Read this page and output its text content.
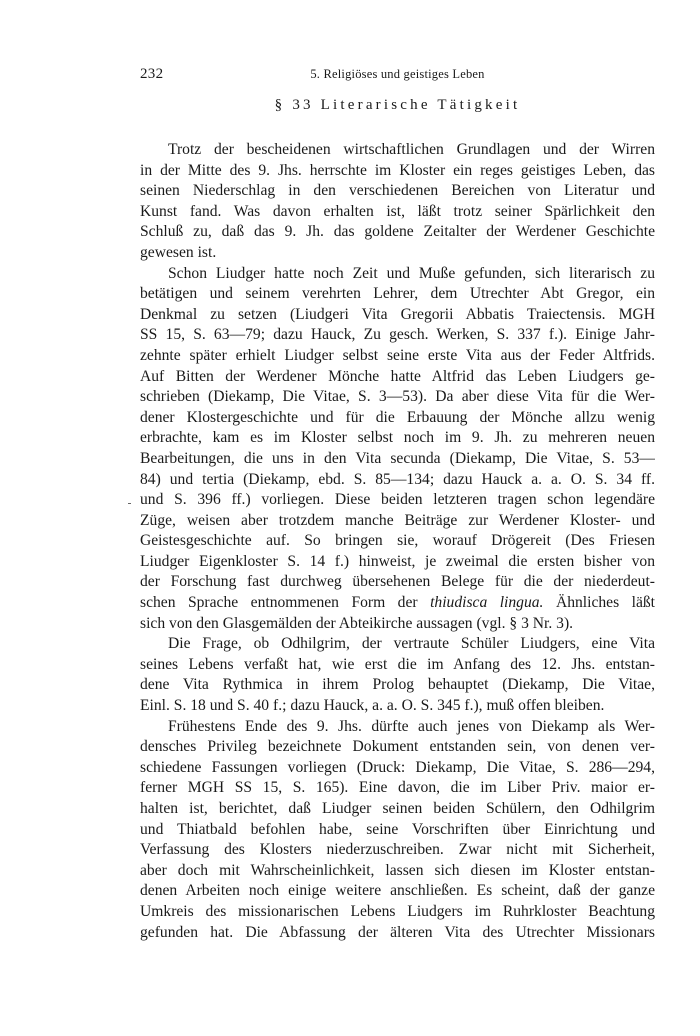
232	5. Religiöses und geistiges Leben
§ 33 Literarische Tätigkeit
Trotz der bescheidenen wirtschaftlichen Grundlagen und der Wirren
in der Mitte des 9. Jhs. herrschte im Kloster ein reges geistiges Leben, das
seinen Niederschlag in den verschiedenen Bereichen von Literatur und
Kunst fand. Was davon erhalten ist, läßt trotz seiner Spärlichkeit den
Schluß zu, daß das 9. Jh. das goldene Zeitalter der Werdener Geschichte
gewesen ist.
Schon Liudger hatte noch Zeit und Muße gefunden, sich literarisch zu
betätigen und seinem verehrten Lehrer, dem Utrechter Abt Gregor, ein
Denkmal zu setzen (Liudgeri Vita Gregorii Abbatis Traiectensis. MGH
SS 15, S. 63—79; dazu Hauck, Zu gesch. Werken, S. 337 f.). Einige Jahr-
zehnte später erhielt Liudger selbst seine erste Vita aus der Feder Altfrids.
Auf Bitten der Werdener Mönche hatte Altfrid das Leben Liudgers ge-
schrieben (Diekamp, Die Vitae, S. 3—53). Da aber diese Vita für die Wer-
dener Klostergeschichte und für die Erbauung der Mönche allzu wenig
erbrachte, kam es im Kloster selbst noch im 9. Jh. zu mehreren neuen
Bearbeitungen, die uns in den Vita secunda (Diekamp, Die Vitae, S. 53—
84) und tertia (Diekamp, ebd. S. 85—134; dazu Hauck a. a. O. S. 34 ff.
und S. 396 ff.) vorliegen. Diese beiden letzteren tragen schon legendäre
Züge, weisen aber trotzdem manche Beiträge zur Werdener Kloster- und
Geistesgeschichte auf. So bringen sie, worauf Drögereit (Des Friesen
Liudger Eigenkloster S. 14 f.) hinweist, je zweimal die ersten bisher von
der Forschung fast durchweg übersehenen Belege für die der niederdeut-
schen Sprache entnommenen Form der thiudisca lingua. Ähnliches läßt
sich von den Glasgemälden der Abteikirche aussagen (vgl. § 3 Nr. 3).
Die Frage, ob Odhilgrim, der vertraute Schüler Liudgers, eine Vita
seines Lebens verfaßt hat, wie erst die im Anfang des 12. Jhs. entstan-
dene Vita Rythmica in ihrem Prolog behauptet (Diekamp, Die Vitae,
Einl. S. 18 und S. 40 f.; dazu Hauck, a. a. O. S. 345 f.), muß offen bleiben.
Frühestens Ende des 9. Jhs. dürfte auch jenes von Diekamp als Wer-
densches Privileg bezeichnete Dokument entstanden sein, von denen ver-
schiedene Fassungen vorliegen (Druck: Diekamp, Die Vitae, S. 286—294,
ferner MGH SS 15, S. 165). Eine davon, die im Liber Priv. maior er-
halten ist, berichtet, daß Liudger seinen beiden Schülern, den Odhilgrim
und Thiatbald befohlen habe, seine Vorschriften über Einrichtung und
Verfassung des Klosters niederzuschreiben. Zwar nicht mit Sicherheit,
aber doch mit Wahrscheinlichkeit, lassen sich diesen im Kloster entstan-
denen Arbeiten noch einige weitere anschließen. Es scheint, daß der ganze
Umkreis des missionarischen Lebens Liudgers im Ruhrkloster Beachtung
gefunden hat. Die Abfassung der älteren Vita des Utrechter Missionars
